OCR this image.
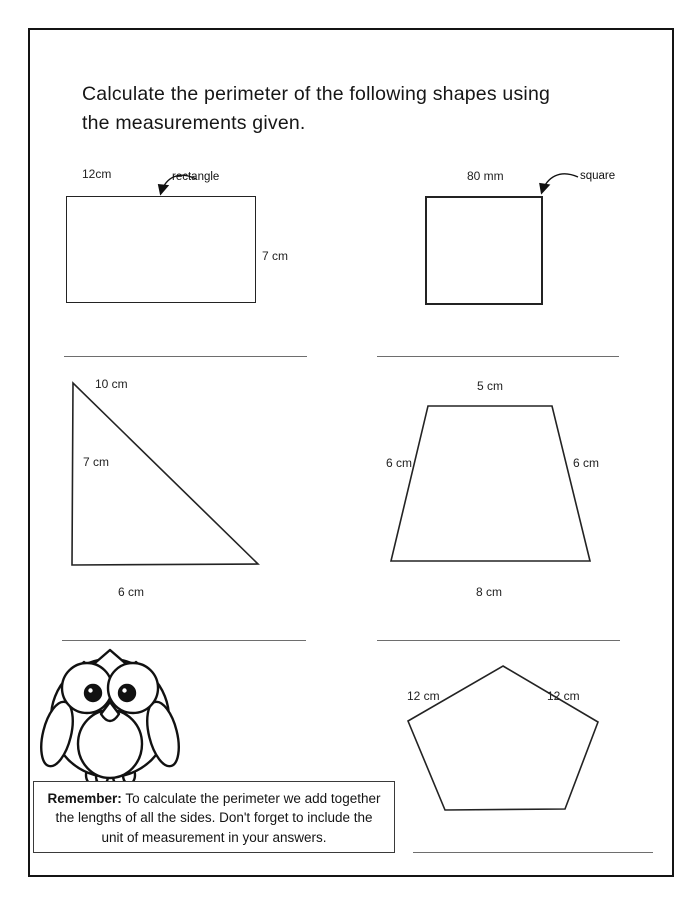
Calculate the perimeter of the following shapes using
the measurements given.
12cm	rectangle
7 cm
80 mm	square
10 cm
7 cm
6 cm
5 cm
6 cm	6 cm
8 cm
12 cm	12 cm
Remember: To calculate the perimeter we add together the lengths of all the sides. Don't forget to include the unit of measurement in your answers.
